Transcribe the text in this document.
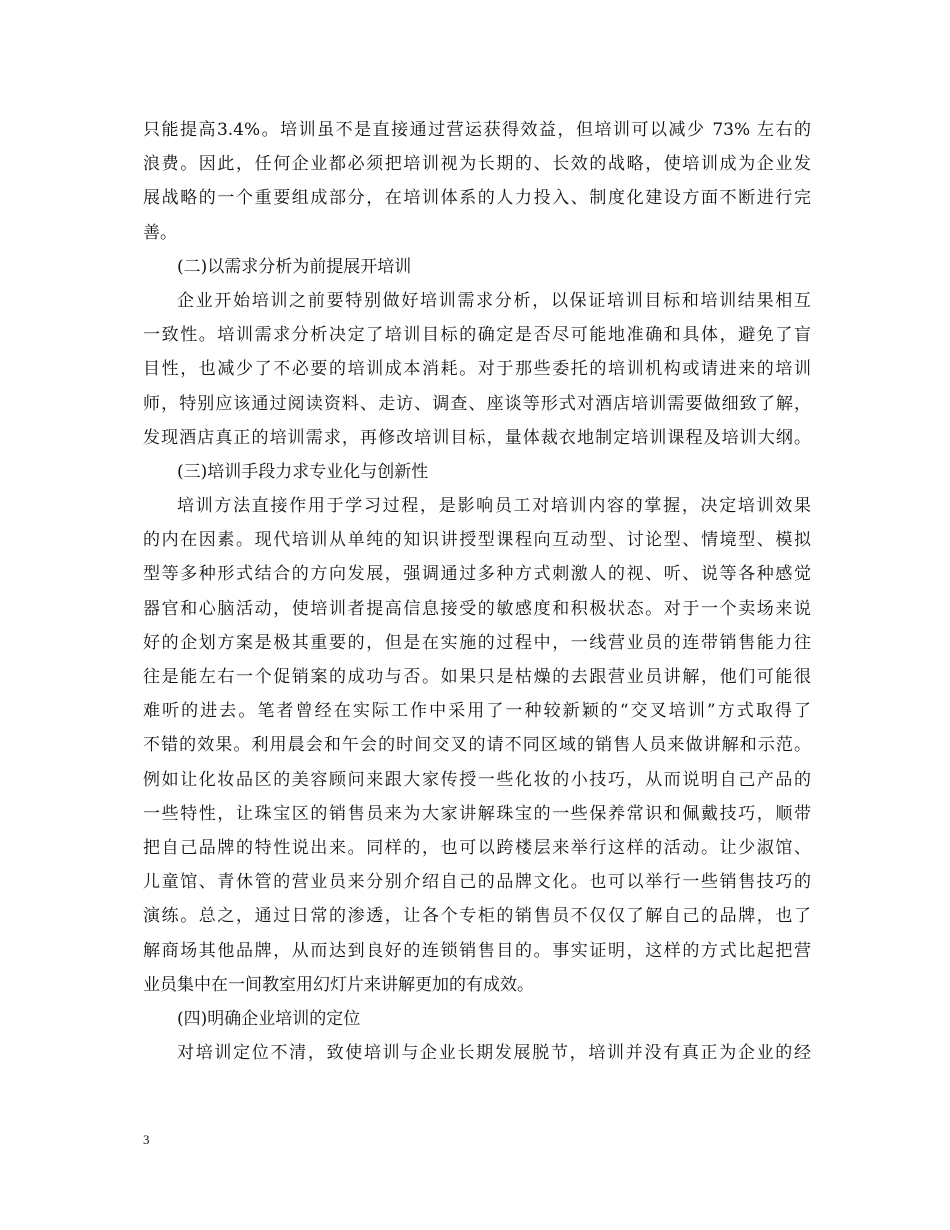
只能提高3.4%。培训虽不是直接通过营运获得效益，但培训可以减少 73% 左右的
浪费。因此，任何企业都必须把培训视为长期的、长效的战略，使培训成为企业发
展战略的一个重要组成部分，在培训体系的人力投入、制度化建设方面不断进行完
善。
(二)以需求分析为前提展开培训
企业开始培训之前要特别做好培训需求分析，以保证培训目标和培训结果相互
一致性。培训需求分析决定了培训目标的确定是否尽可能地准确和具体，避免了盲
目性，也减少了不必要的培训成本消耗。对于那些委托的培训机构或请进来的培训
师，特别应该通过阅读资料、走访、调查、座谈等形式对酒店培训需要做细致了解，
发现酒店真正的培训需求，再修改培训目标，量体裁衣地制定培训课程及培训大纲。
(三)培训手段力求专业化与创新性
培训方法直接作用于学习过程，是影响员工对培训内容的掌握，决定培训效果
的内在因素。现代培训从单纯的知识讲授型课程向互动型、讨论型、情境型、模拟
型等多种形式结合的方向发展，强调通过多种方式刺激人的视、听、说等各种感觉
器官和心脑活动，使培训者提高信息接受的敏感度和积极状态。对于一个卖场来说
好的企划方案是极其重要的，但是在实施的过程中，一线营业员的连带销售能力往
往是能左右一个促销案的成功与否。如果只是枯燥的去跟营业员讲解，他们可能很
难听的进去。笔者曾经在实际工作中采用了一种较新颖的“交叉培训”方式取得了
不错的效果。利用晨会和午会的时间交叉的请不同区域的销售人员来做讲解和示范。
例如让化妆品区的美容顾问来跟大家传授一些化妆的小技巧，从而说明自己产品的
一些特性，让珠宝区的销售员来为大家讲解珠宝的一些保养常识和佩戴技巧，顺带
把自己品牌的特性说出来。同样的，也可以跨楼层来举行这样的活动。让少淑馆、
儿童馆、青休管的营业员来分别介绍自己的品牌文化。也可以举行一些销售技巧的
演练。总之，通过日常的渗透，让各个专柜的销售员不仅仅了解自己的品牌，也了
解商场其他品牌，从而达到良好的连锁销售目的。事实证明，这样的方式比起把营
业员集中在一间教室用幻灯片来讲解更加的有成效。
(四)明确企业培训的定位
对培训定位不清，致使培训与企业长期发展脱节，培训并没有真正为企业的经
3
